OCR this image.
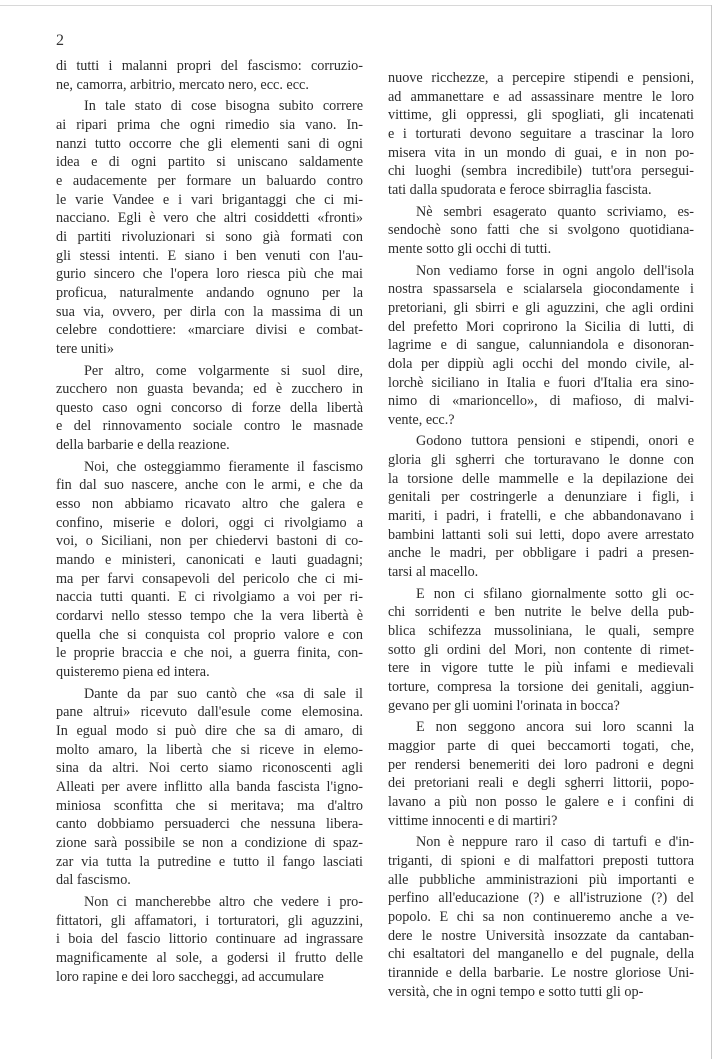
2
di tutti i malanni propri del fascismo: corruzio-
ne, camorra, arbitrio, mercato nero, ecc. ecc.
In tale stato di cose bisogna subito correre
ai ripari prima che ogni rimedio sia vano. In-
nanzi tutto occorre che gli elementi sani di ogni
idea e di ogni partito si uniscano saldamente
e audacemente per formare un baluardo contro
le varie Vandee e i vari brigantaggi che ci mi-
nacciano. Egli è vero che altri cosiddetti «fronti»
di partiti rivoluzionari si sono già formati con
gli stessi intenti. E siano i ben venuti con l'au-
gurio sincero che l'opera loro riesca più che mai
proficua, naturalmente andando ognuno per la
sua via, ovvero, per dirla con la massima di un
celebre condottiere: «marciare divisi e combat-
tere uniti»
Per altro, come volgarmente si suol dire,
zucchero non guasta bevanda; ed è zucchero in
questo caso ogni concorso di forze della libertà
e del rinnovamento sociale contro le masnade
della barbarie e della reazione.
Noi, che osteggiammo fieramente il fascismo
fin dal suo nascere, anche con le armi, e che da
esso non abbiamo ricavato altro che galera e
confino, miserie e dolori, oggi ci rivolgiamo a
voi, o Siciliani, non per chiedervi bastoni di co-
mando e ministeri, canonicati e lauti guadagni;
ma per farvi consapevoli del pericolo che ci mi-
naccia tutti quanti. E ci rivolgiamo a voi per ri-
cordarvi nello stesso tempo che la vera libertà è
quella che si conquista col proprio valore e con
le proprie braccia e che noi, a guerra finita, con-
quisteremo piena ed intera.
Dante da par suo cantò che «sa di sale il
pane altrui» ricevuto dall'esule come elemosina.
In egual modo si può dire che sa di amaro, di
molto amaro, la libertà che si riceve in elemo-
sina da altri. Noi certo siamo riconoscenti agli
Alleati per avere inflitto alla banda fascista l'igno-
miniosa sconfitta che si meritava; ma d'altro
canto dobbiamo persuaderci che nessuna libera-
zione sarà possibile se non a condizione di spaz-
zar via tutta la putredine e tutto il fango lasciati
dal fascismo.
Non ci mancherebbe altro che vedere i pro-
fittatori, gli affamatori, i torturatori, gli aguzzini,
i boia del fascio littorio continuare ad ingrassare
magnificamente al sole, a godersi il frutto delle
loro rapine e dei loro saccheggi, ad accumulare
nuove ricchezze, a percepire stipendi e pensioni,
ad ammanettare e ad assassinare mentre le loro
vittime, gli oppressi, gli spogliati, gli incatenati
e i torturati devono seguitare a trascinar la loro
misera vita in un mondo di guai, e in non po-
chi luoghi (sembra incredibile) tutt'ora persegui-
tati dalla spudorata e feroce sbirraglia fascista.
Nè sembri esagerato quanto scriviamo, es-
sendochè sono fatti che si svolgono quotidiana-
mente sotto gli occhi di tutti.
Non vediamo forse in ogni angolo dell'isola
nostra spassarsela e scialarsela giocondamente i
pretoriani, gli sbirri e gli aguzzini, che agli ordini
del prefetto Mori coprirono la Sicilia di lutti, di
lagrime e di sangue, calunniandola e disonoran-
dola per dippiù agli occhi del mondo civile, al-
lorchè siciliano in Italia e fuori d'Italia era sino-
nimo di «marioncello», di mafioso, di malvi-
vente, ecc.?
Godono tuttora pensioni e stipendi, onori e
gloria gli sgherri che torturavano le donne con
la torsione delle mammelle e la depilazione dei
genitali per costringerle a denunziare i figli, i
mariti, i padri, i fratelli, e che abbandonavano i
bambini lattanti soli sui letti, dopo avere arrestato
anche le madri, per obbligare i padri a presen-
tarsi al macello.
E non ci sfilano giornalmente sotto gli oc-
chi sorridenti e ben nutrite le belve della pub-
blica schifezza mussoliniana, le quali, sempre
sotto gli ordini del Mori, non contente di rimet-
tere in vigore tutte le più infami e medievali
torture, compresa la torsione dei genitali, aggiun-
gevano per gli uomini l'orinata in bocca?
E non seggono ancora sui loro scanni la
maggior parte di quei beccamorti togati, che,
per rendersi benemeriti dei loro padroni e degni
dei pretoriani reali e degli sgherri littorii, popo-
lavano a più non posso le galere e i confini di
vittime innocenti e di martiri?
Non è neppure raro il caso di tartufi e d'in-
triganti, di spioni e di malfattori preposti tuttora
alle pubbliche amministrazioni più importanti e
perfino all'educazione (?) e all'istruzione (?) del
popolo. E chi sa non continueremo anche a ve-
dere le nostre Università insozzate da cantaban-
chi esaltatori del manganello e del pugnale, della
tirannide e della barbarie. Le nostre gloriose Uni-
versità, che in ogni tempo e sotto tutti gli op-
